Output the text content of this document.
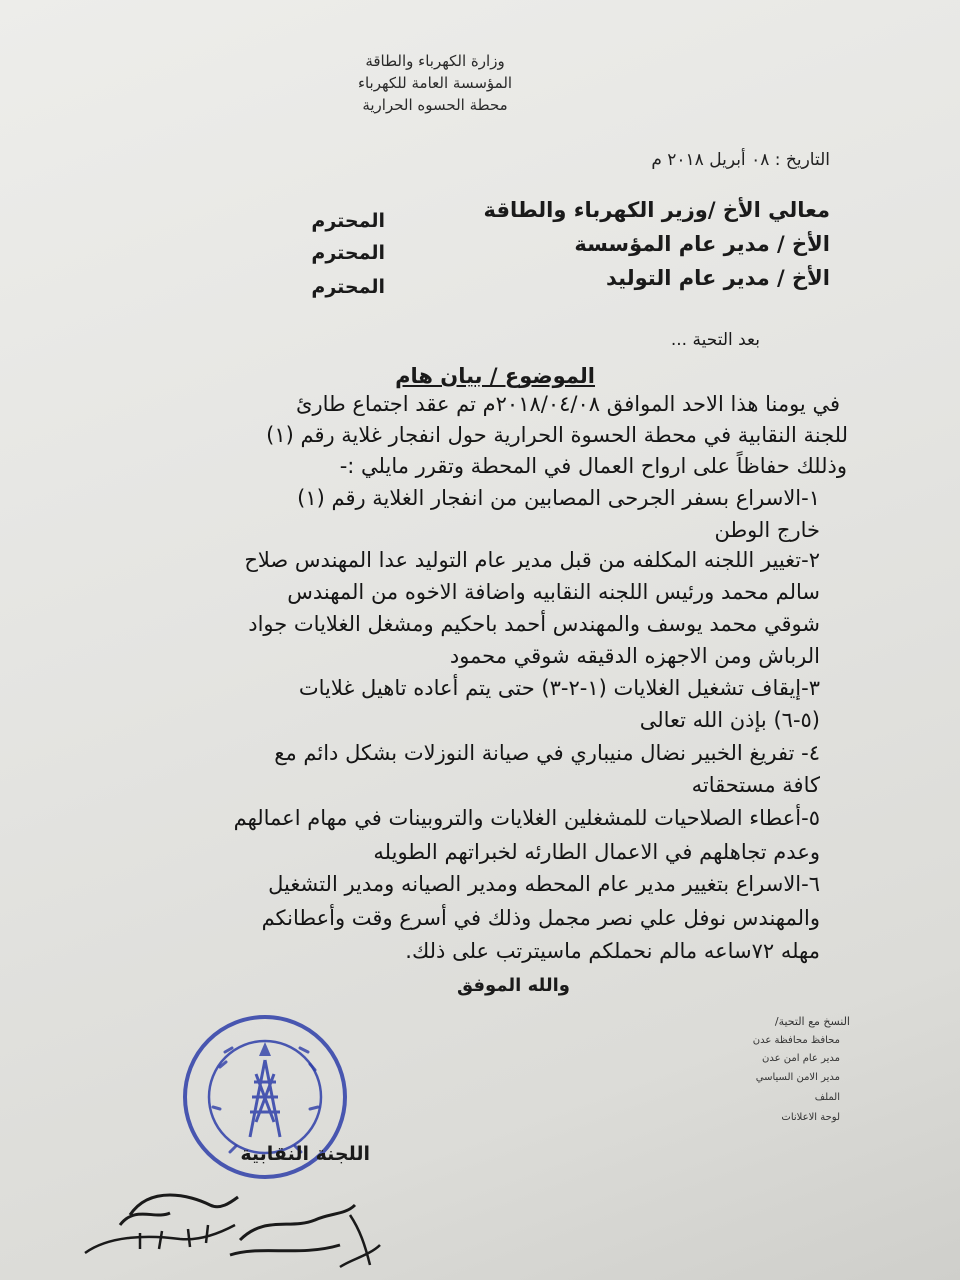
وزارة الكهرباء والطاقة
المؤسسة العامة للكهرباء
محطة الحسوه الحرارية
التاريخ : ٠٨ أبريل ٢٠١٨ م
معالي الأخ /وزير الكهرباء والطاقة
المحترم
الأخ / مدير عام المؤسسة
المحترم
الأخ / مدير عام التوليد
المحترم
بعد التحية ...
الموضوع / بيان هام
في يومنا هذا الاحد الموافق ٢٠١٨/٠٤/٠٨م تم عقد اجتماع طارئ
للجنة النقابية في محطة الحسوة الحرارية حول انفجار غلاية رقم (١)
وذللك حفاظاً على ارواح العمال في المحطة وتقرر مايلي :-
١-الاسراع بسفر الجرحى المصابين من انفجار الغلاية رقم (١)
خارج الوطن
٢-تغيير اللجنه المكلفه من قبل مدير عام التوليد عدا المهندس صلاح
سالم محمد ورئيس اللجنه النقابيه واضافة الاخوه من المهندس
شوقي محمد يوسف والمهندس أحمد باحكيم ومشغل الغلايات جواد
الرباش ومن الاجهزه الدقيقه شوقي محمود
٣-إيقاف تشغيل الغلايات (١-٢-٣) حتى يتم أعاده تاهيل غلايات
(٥-٦) بإذن الله تعالى
٤- تفريغ الخبير نضال منيباري في صيانة النوزلات بشكل دائم مع
كافة مستحقاته
٥-أعطاء الصلاحيات للمشغلين الغلايات والتروبينات في مهام اعمالهم
وعدم تجاهلهم في الاعمال الطارئه لخبراتهم الطويله
٦-الاسراع بتغيير مدير عام المحطه ومدير الصيانه ومدير التشغيل
والمهندس نوفل علي نصر مجمل وذلك في أسرع وقت وأعطانكم
مهله ٧٢ساعه مالم نحملكم ماسيترتب على ذلك.
والله الموفق
النسخ مع التحية/
محافظ محافظة عدن
مدير عام امن عدن
مدير الامن السياسي
الملف
لوحة الاعلانات
اللجنة النقابية
